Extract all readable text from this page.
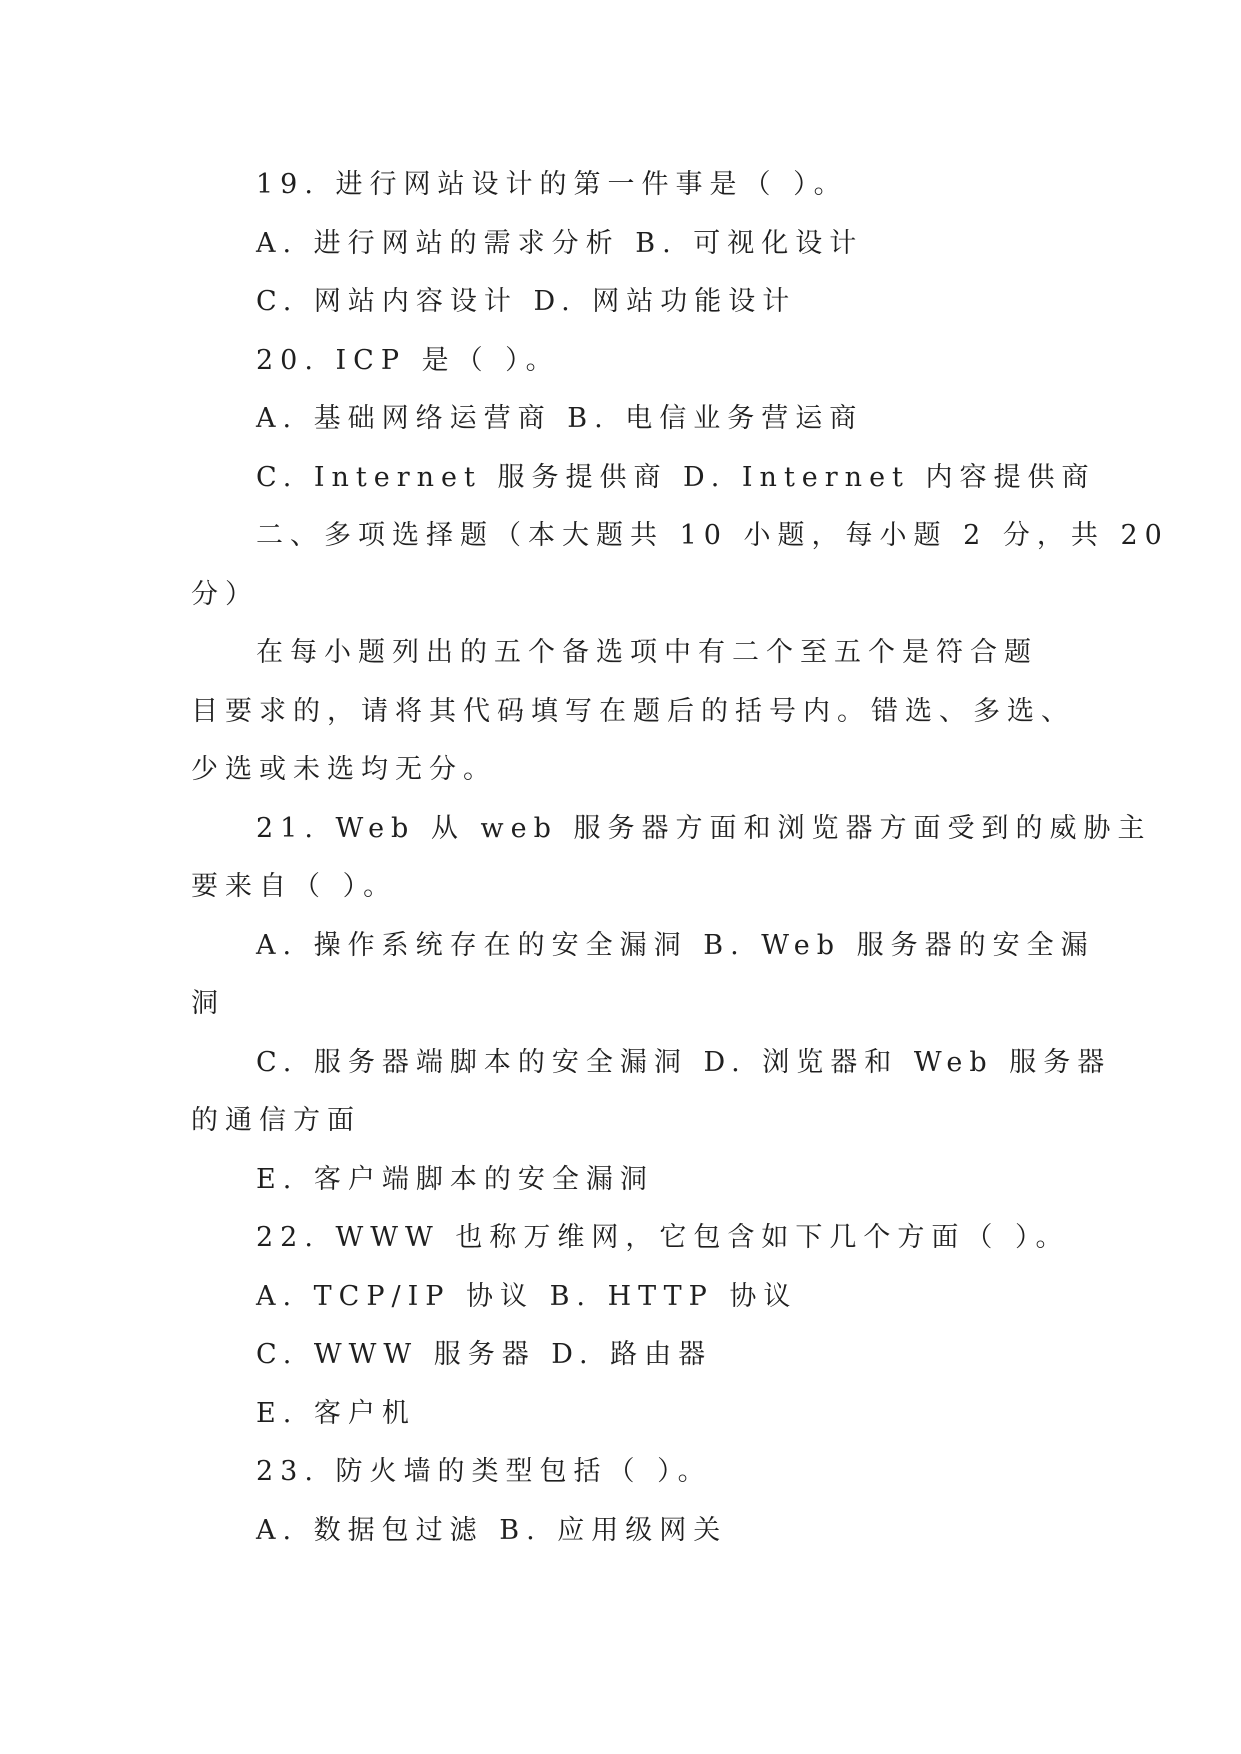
19. 进行网站设计的第一件事是（ ）。
A. 进行网站的需求分析 B. 可视化设计
C. 网站内容设计 D. 网站功能设计
20. ICP 是（ ）。
A. 基础网络运营商 B. 电信业务营运商
C. Internet 服务提供商 D. Internet 内容提供商
二、多项选择题（本大题共 10 小题，每小题 2 分，共 20
分）
在每小题列出的五个备选项中有二个至五个是符合题
目要求的，请将其代码填写在题后的括号内。错选、多选、
少选或未选均无分。
21. Web 从 web 服务器方面和浏览器方面受到的威胁主
要来自（ ）。
A. 操作系统存在的安全漏洞 B. Web 服务器的安全漏
洞
C. 服务器端脚本的安全漏洞 D. 浏览器和 Web 服务器
的通信方面
E. 客户端脚本的安全漏洞
22. WWW 也称万维网，它包含如下几个方面（ ）。
A. TCP/IP 协议 B. HTTP 协议
C. WWW 服务器 D. 路由器
E. 客户机
23. 防火墙的类型包括（ ）。
A. 数据包过滤 B. 应用级网关
